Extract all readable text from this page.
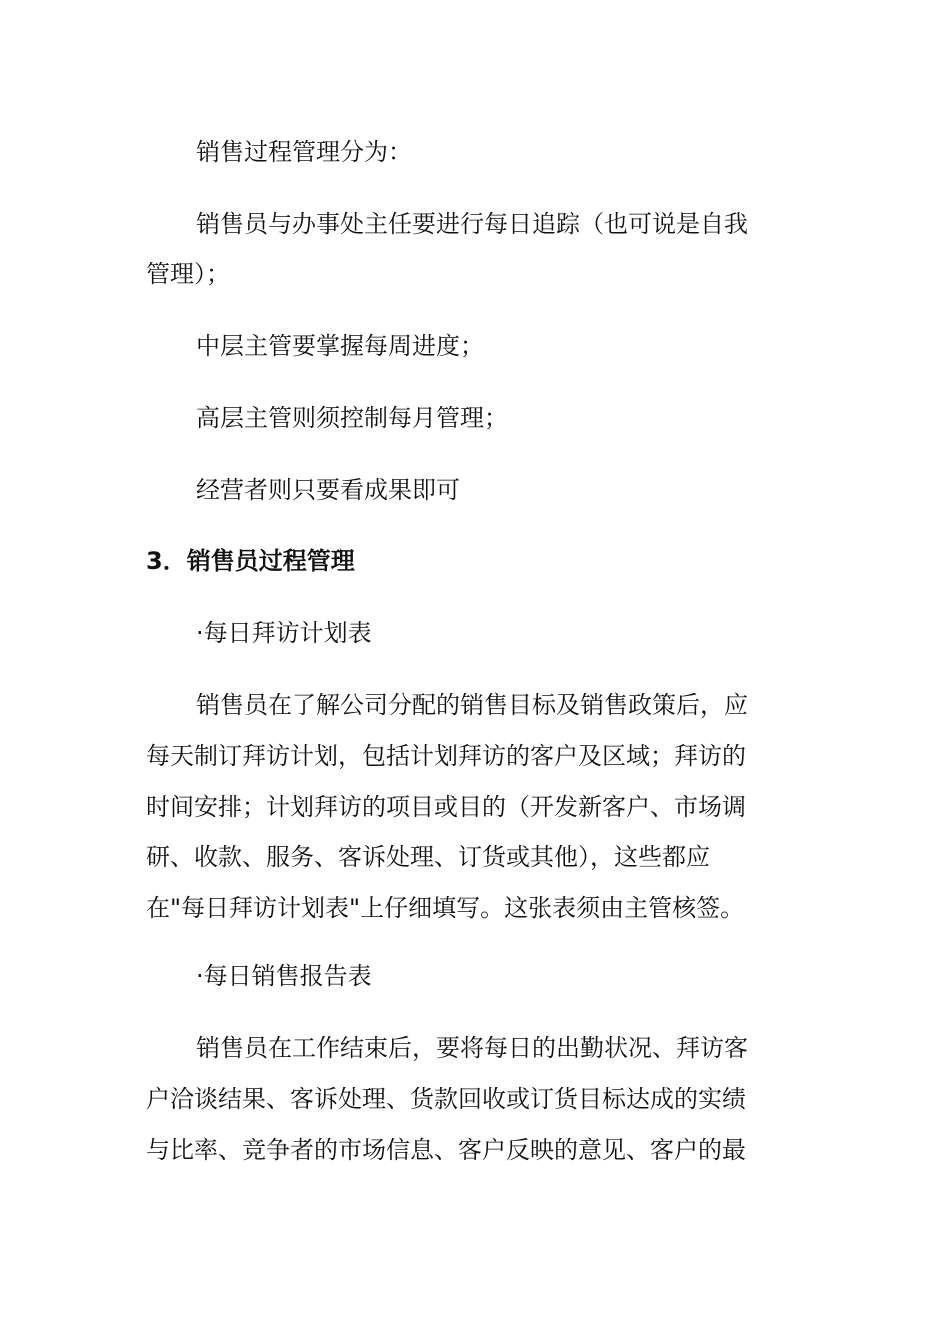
销售过程管理分为：
销售员与办事处主任要进行每日追踪（也可说是自我
管理）；
中层主管要掌握每周进度；
高层主管则须控制每月管理；
经营者则只要看成果即可
3．销售员过程管理
·每日拜访计划表
销售员在了解公司分配的销售目标及销售政策后，应
每天制订拜访计划，包括计划拜访的客户及区域；拜访的
时间安排；计划拜访的项目或目的（开发新客户、市场调
研、收款、服务、客诉处理、订货或其他），这些都应
在"每日拜访计划表"上仔细填写。这张表须由主管核签。
·每日销售报告表
销售员在工作结束后，要将每日的出勤状况、拜访客
户洽谈结果、客诉处理、货款回收或订货目标达成的实绩
与比率、竞争者的市场信息、客户反映的意见、客户的最
